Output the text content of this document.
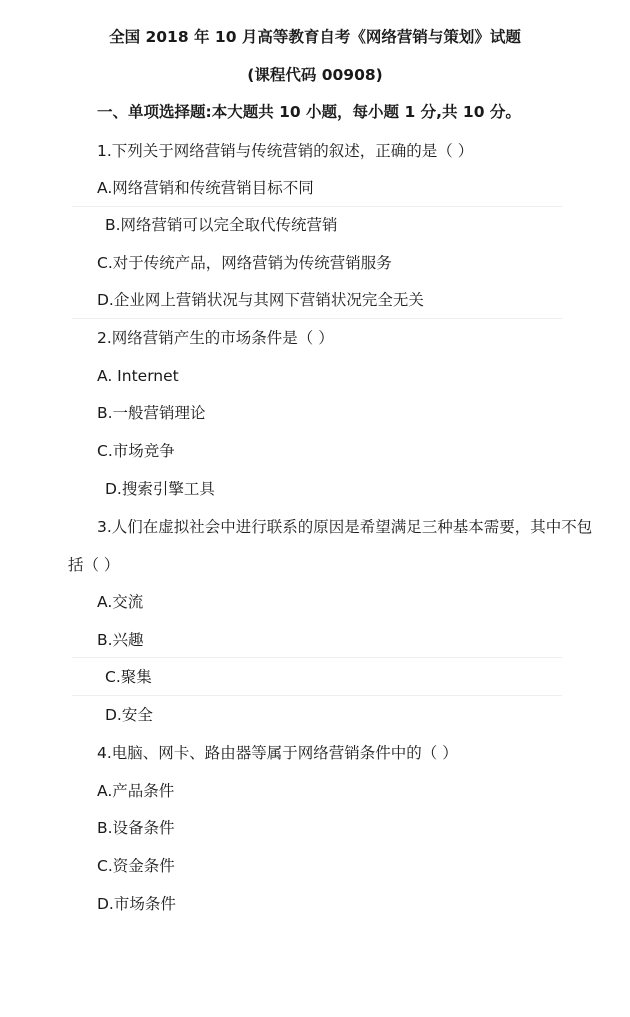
全国 2018 年 10 月高等教育自考《网络营销与策划》试题
(课程代码 00908)
一、单项选择题:本大题共 10 小题，每小题 1 分,共 10 分。
1.下列关于网络营销与传统营销的叙述，正确的是（ ）
A.网络营销和传统营销目标不同
B.网络营销可以完全取代传统营销
C.对于传统产品，网络营销为传统营销服务
D.企业网上营销状况与其网下营销状况完全无关
2.网络营销产生的市场条件是（ ）
A. Internet
B.一般营销理论
C.市场竞争
D.搜索引擎工具
3.人们在虚拟社会中进行联系的原因是希望满足三种基本需要，其中不包
括（ ）
A.交流
B.兴趣
C.聚集
D.安全
4.电脑、网卡、路由器等属于网络营销条件中的（ ）
A.产品条件
B.设备条件
C.资金条件
D.市场条件
